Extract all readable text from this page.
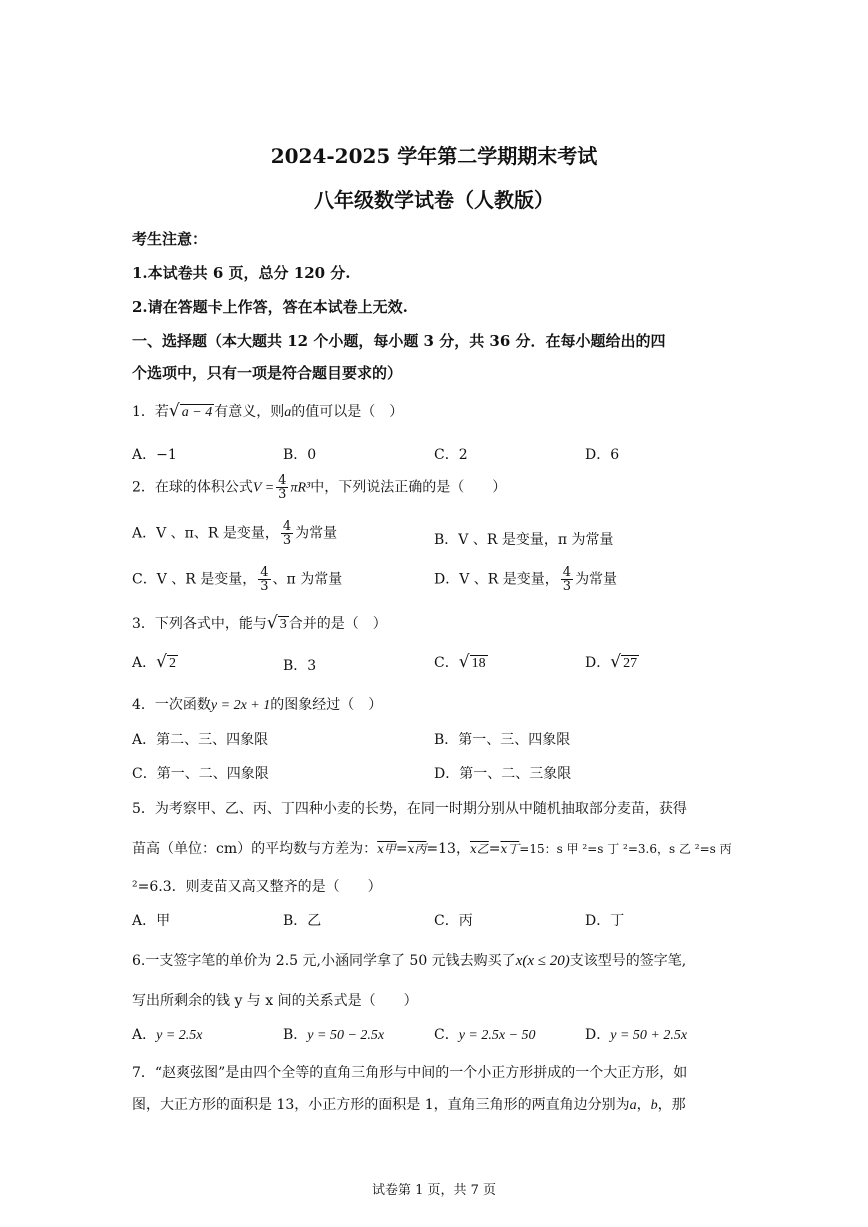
2024-2025 学年第二学期期末考试
八年级数学试卷（人教版）
考生注意：
1.本试卷共 6 页，总分 120 分.
2.请在答题卡上作答，答在本试卷上无效.
一、选择题（本大题共 12 个小题，每小题 3 分，共 36 分．在每小题给出的四
个选项中，只有一项是符合题目要求的）
1．若√ a − 4 有意义，则a的值可以是（　）
A．−1	B．0	C．2	D．6
2．在球的体积公式$V = \frac{4}{3} \pi R^3$中，下列说法正确的是（　　）
A．V 、π、R 是变量， $\frac{4}{3}$ 为常量	B．V 、R 是变量，π 为常量
C．V 、R 是变量， $\frac{4}{3}$ 、π 为常量	D．V 、R 是变量， $\frac{4}{3}$ 为常量
3．下列各式中，能与√ 3 合并的是（　）
A．√ 2	B．3	C．√ 18	D．√ 27
4．一次函数y = 2x + 1的图象经过（　）
A．第二、三、四象限	B．第一、三、四象限
C．第一、二、四象限	D．第一、二、三象限
5．为考察甲、乙、丙、丁四种小麦的长势，在同一时期分别从中随机抽取部分麦苗，获得
苗高（单位：cm）的平均数与方差为：x甲=x丙=13，x乙=x丁=15：s 甲 ²=s 丁 ²=3.6，s 乙 ²=s 丙
²=6.3．则麦苗又高又整齐的是（　　）
A．甲	B．乙	C．丙	D．丁
6.一支签字笔的单价为 2.5 元,小涵同学拿了 50 元钱去购买了x(x ≤ 20)支该型号的签字笔,
写出所剩余的钱 y 与 x 间的关系式是（　　）
A．y = 2.5x	B．y = 50 − 2.5x	C．y = 2.5x − 50	D．y = 50 + 2.5x
7．“赵爽弦图”是由四个全等的直角三角形与中间的一个小正方形拼成的一个大正方形，如
图，大正方形的面积是 13，小正方形的面积是 1，直角三角形的两直角边分别为a，b，那
试卷第 1 页，共 7 页
